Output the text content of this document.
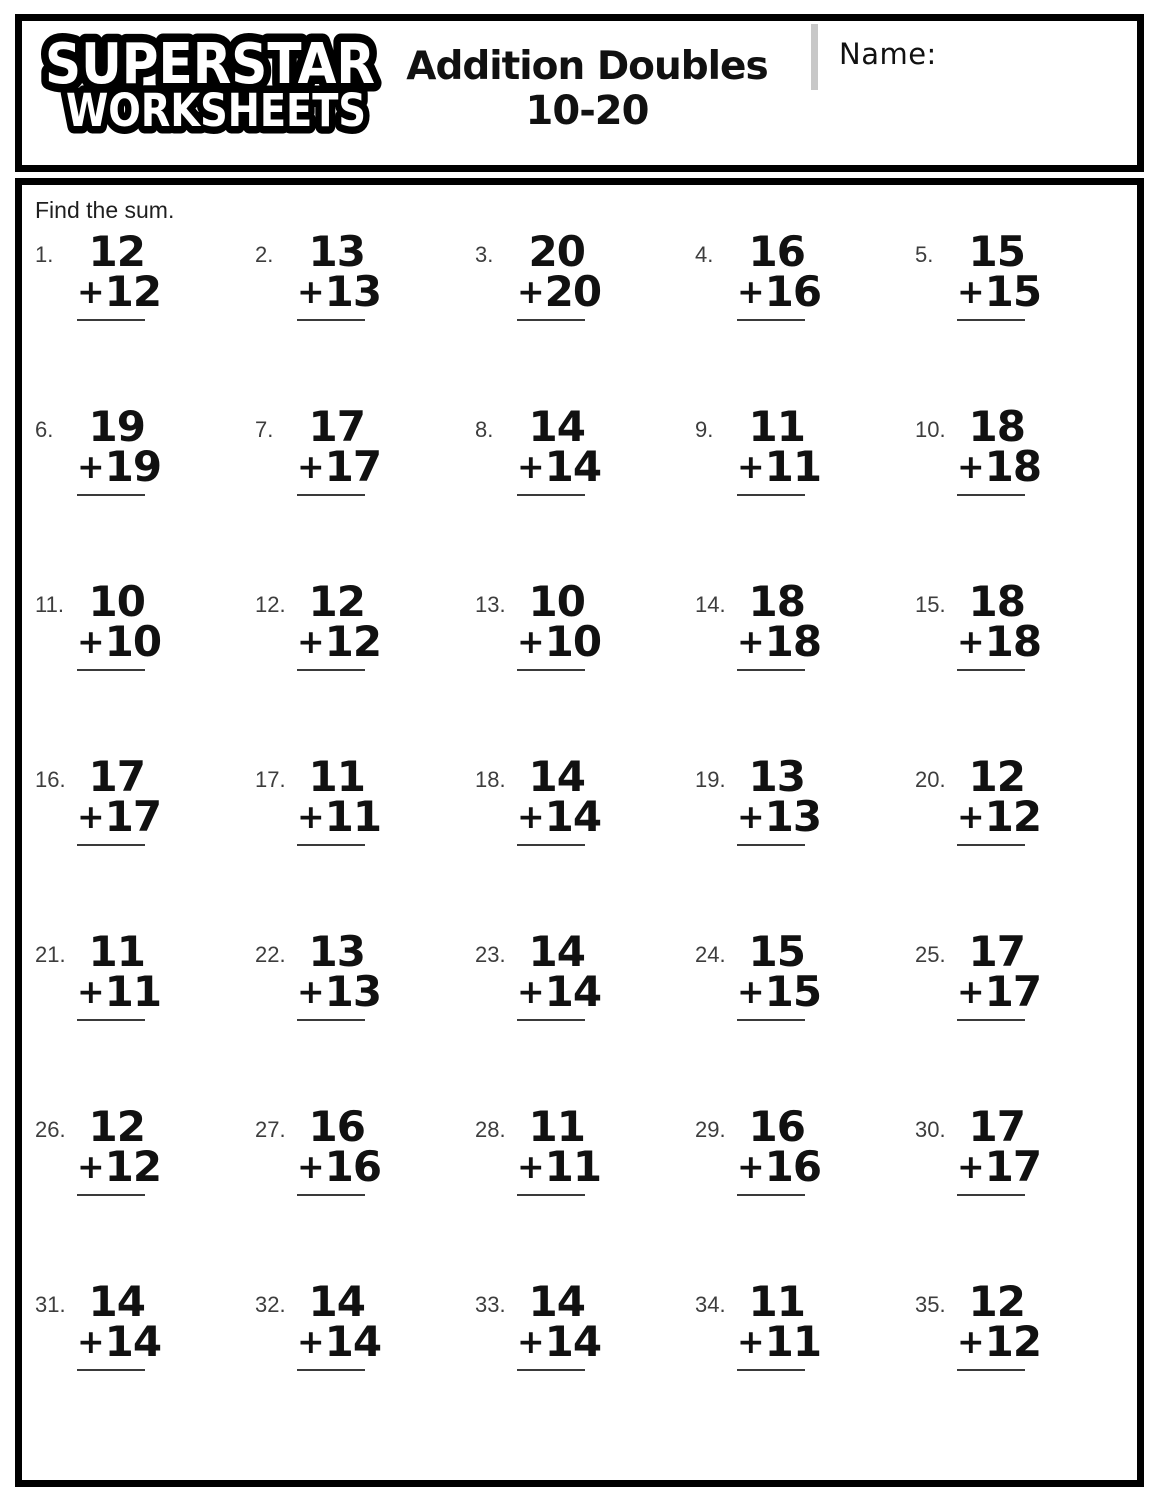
SUPERSTAR
WORKSHEETS
Addition Doubles
10-20
Name:
Find the sum.
1. 12
+ 12
2. 13
+ 13
3. 20
+ 20
4. 16
+ 16
5. 15
+ 15
6. 19
+ 19
7. 17
+ 17
8. 14
+ 14
9. 11
+ 11
10. 18
+ 18
11. 10
+ 10
12. 12
+ 12
13. 10
+ 10
14. 18
+ 18
15. 18
+ 18
16. 17
+ 17
17. 11
+ 11
18. 14
+ 14
19. 13
+ 13
20. 12
+ 12
21. 11
+ 11
22. 13
+ 13
23. 14
+ 14
24. 15
+ 15
25. 17
+ 17
26. 12
+ 12
27. 16
+ 16
28. 11
+ 11
29. 16
+ 16
30. 17
+ 17
31. 14
+ 14
32. 14
+ 14
33. 14
+ 14
34. 11
+ 11
35. 12
+ 12
